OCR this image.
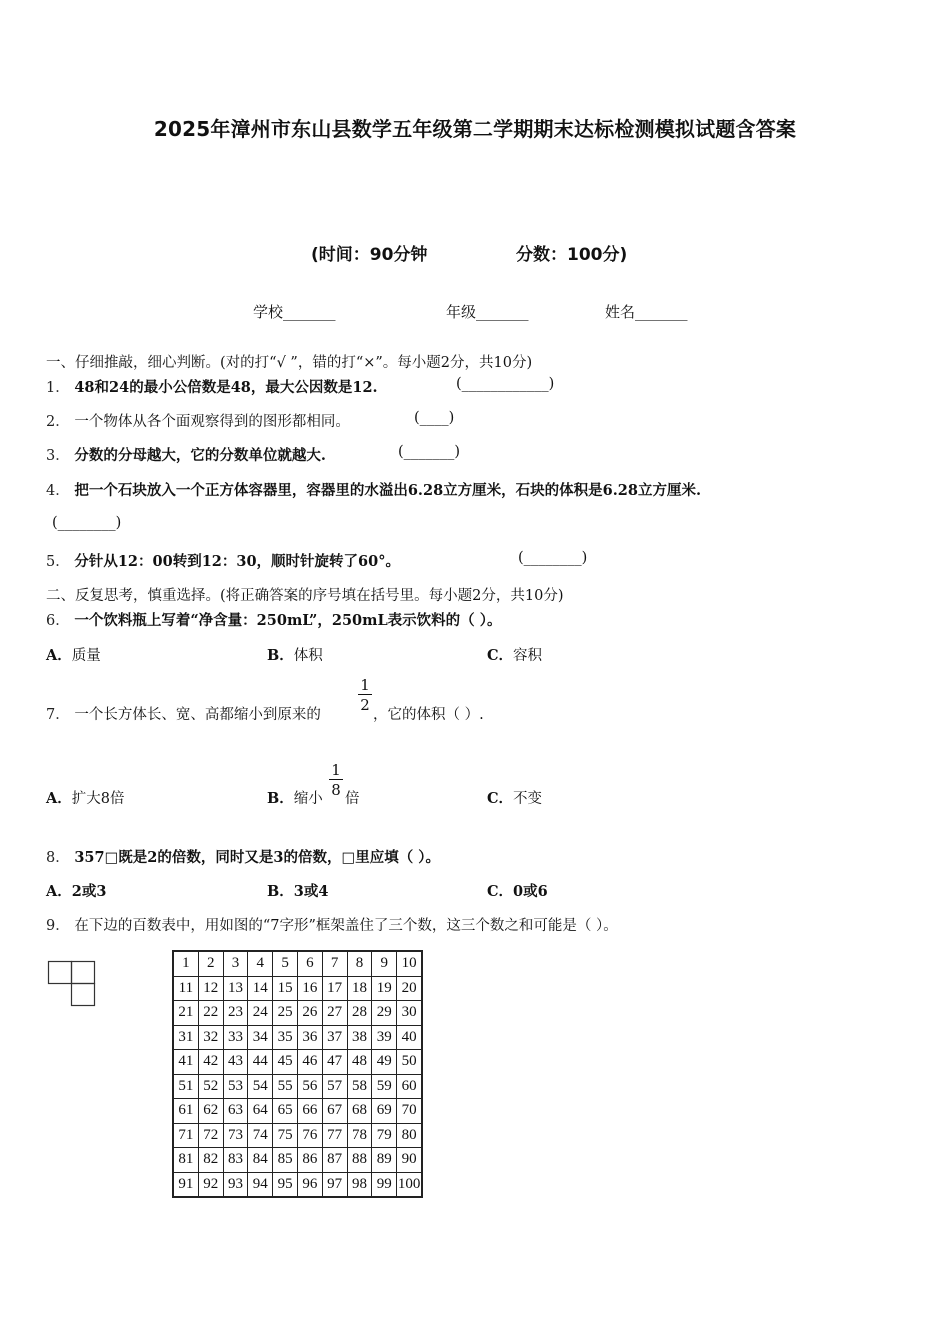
2025年漳州市东山县数学五年级第二学期期末达标检测模拟试题含答案
(时间：90分钟	分数：100分)
学校_______	年级_______	姓名_______
一、仔细推敲，细心判断。(对的打“√ ”，错的打“×”。每小题2分，共10分)
1． 48和24的最小公倍数是48，最大公因数是12.	(____________)
2． 一个物体从各个面观察得到的图形都相同。	(____)
3． 分数的分母越大，它的分数单位就越大.	(_______)
4． 把一个石块放入一个正方体容器里，容器里的水溢出6.28立方厘米，石块的体积是6.28立方厘米.
(________)
5． 分针从12：00转到12：30，顺时针旋转了60°。	(________)
二、反复思考，慎重选择。(将正确答案的序号填在括号里。每小题2分，共10分)
6． 一个饮料瓶上写着“净含量：250mL”，250mL表示饮料的（ ）。
A．质量	B．体积	C．容积
7． 一个长方体长、宽、高都缩小到原来的
1
2
，它的体积（ ）.
A．扩大8倍	B．缩小
1
8 倍	C．不变
8． 357□既是2的倍数，同时又是3的倍数，□里应填（ ）。
A．2或3	B．3或4	C．0或6
9． 在下边的百数表中，用如图的“7字形”框架盖住了三个数，这三个数之和可能是（ ）。
1	2	3	4	5	6	7	8	9	10
11	12	13	14	15	16	17	18	19	20
21	22	23	24	25	26	27	28	29	30
31	32	33	34	35	36	37	38	39	40
41	42	43	44	45	46	47	48	49	50
51	52	53	54	55	56	57	58	59	60
61	62	63	64	65	66	67	68	69	70
71	72	73	74	75	76	77	78	79	80
81	82	83	84	85	86	87	88	89	90
91	92	93	94	95	96	97	98	99	100
